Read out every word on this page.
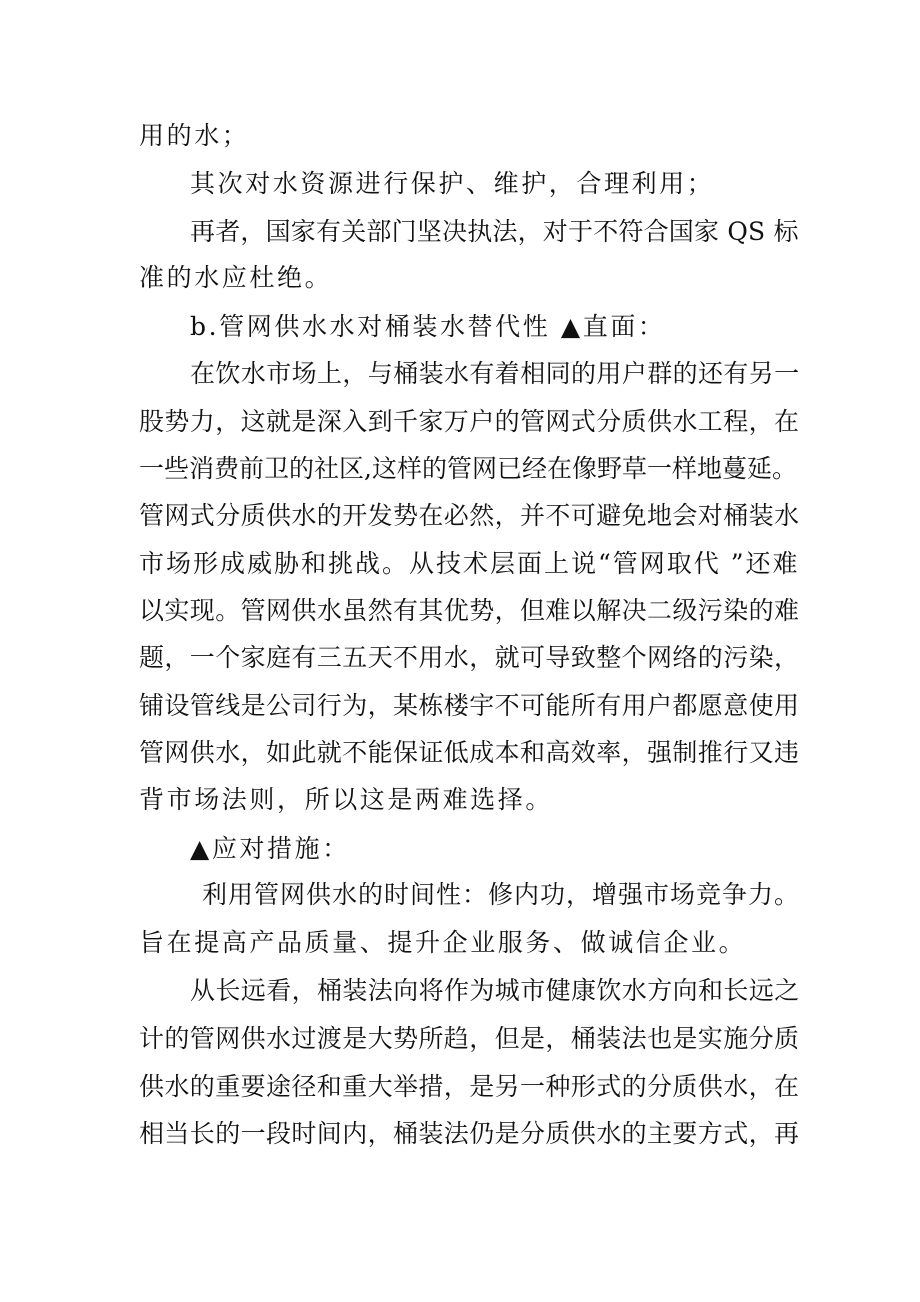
用的水；
其次对水资源进行保护、维护，合理利用；
再者，国家有关部门坚决执法，对于不符合国家 QS 标
准的水应杜绝。
b.管网供水水对桶装水替代性 ▲直面：
在饮水市场上，与桶装水有着相同的用户群的还有另一
股势力，这就是深入到千家万户的管网式分质供水工程，在
一些消费前卫的社区,这样的管网已经在像野草一样地蔓延。
管网式分质供水的开发势在必然，并不可避免地会对桶装水
市场形成威胁和挑战。从技术层面上说“管网取代 ”还难
以实现。管网供水虽然有其优势，但难以解决二级污染的难
题，一个家庭有三五天不用水，就可导致整个网络的污染，
铺设管线是公司行为，某栋楼宇不可能所有用户都愿意使用
管网供水，如此就不能保证低成本和高效率，强制推行又违
背市场法则，所以这是两难选择。
▲应对措施：
利用管网供水的时间性：修内功，增强市场竞争力。
旨在提高产品质量、提升企业服务、做诚信企业。
从长远看，桶装法向将作为城市健康饮水方向和长远之
计的管网供水过渡是大势所趋，但是，桶装法也是实施分质
供水的重要途径和重大举措，是另一种形式的分质供水，在
相当长的一段时间内，桶装法仍是分质供水的主要方式，再
